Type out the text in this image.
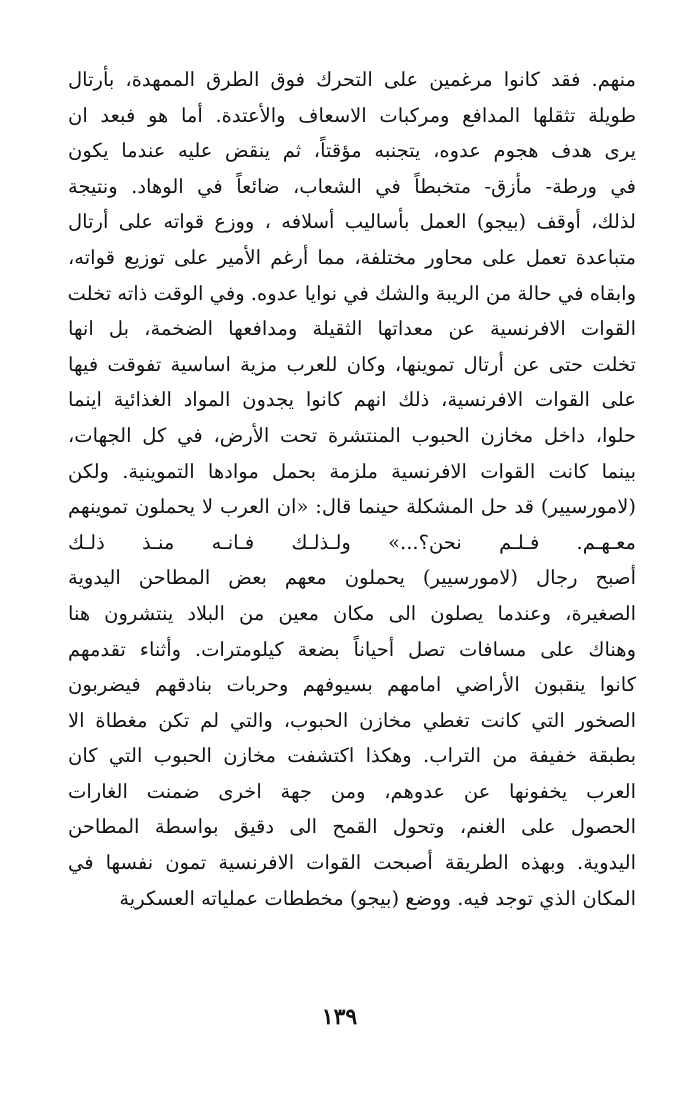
منهم. فقد كانوا مرغمين على التحرك فوق الطرق الممهدة، بأرتال
طويلة تثقلها المدافع ومركبات الاسعاف والأعتدة. أما هو فبعد ان
يرى هدف هجوم عدوه، يتجنبه مؤقتاً، ثم ينقض عليه عندما يكون
في ورطة- مأزق- متخبطاً في الشعاب، ضائعاً في الوهاد. ونتيجة
لذلك، أوقف (بيجو) العمل بأساليب أسلافه ، ووزع قواته على أرتال
متباعدة تعمل على محاور مختلفة، مما أرغم الأمير على توزيع قواته،
وابقاه في حالة من الريبة والشك في نوايا عدوه. وفي الوقت ذاته تخلت
القوات الافرنسية عن معداتها الثقيلة ومدافعها الضخمة، بل انها
تخلت حتى عن أرتال تموينها، وكان للعرب مزية اساسية تفوقت فيها
على القوات الافرنسية، ذلك انهم كانوا يجدون المواد الغذائية اينما
حلوا، داخل مخازن الحبوب المنتشرة تحت الأرض، في كل الجهات،
بينما كانت القوات الافرنسية ملزمة بحمل موادها التموينية. ولكن
(لامورسيير) قد حل المشكلة حينما قال: «ان العرب لا يحملون تموينهم
معـهـم. فـلـم نحن؟...» ولـذلـك فـانـه منـذ ذلـك
أصبح رجال (لامورسيير) يحملون معهم بعض المطاحن اليدوية
الصغيرة، وعندما يصلون الى مكان معين من البلاد ينتشرون هنا
وهناك على مسافات تصل أحياناً بضعة كيلومترات. وأثناء تقدمهم
كانوا ينقبون الأراضي امامهم بسيوفهم وحربات بنادقهم فيضربون
الصخور التي كانت تغطي مخازن الحبوب، والتي لم تكن مغطاة الا
بطبقة خفيفة من التراب. وهكذا اكتشفت مخازن الحبوب التي كان
العرب يخفونها عن عدوهم، ومن جهة اخرى ضمنت الغارات
الحصول على الغنم، وتحول القمح الى دقيق بواسطة المطاحن
اليدوية. وبهذه الطريقة أصبحت القوات الافرنسية تمون نفسها في
المكان الذي توجد فيه. ووضع (بيجو) مخططات عملياته العسكرية
١٣٩
